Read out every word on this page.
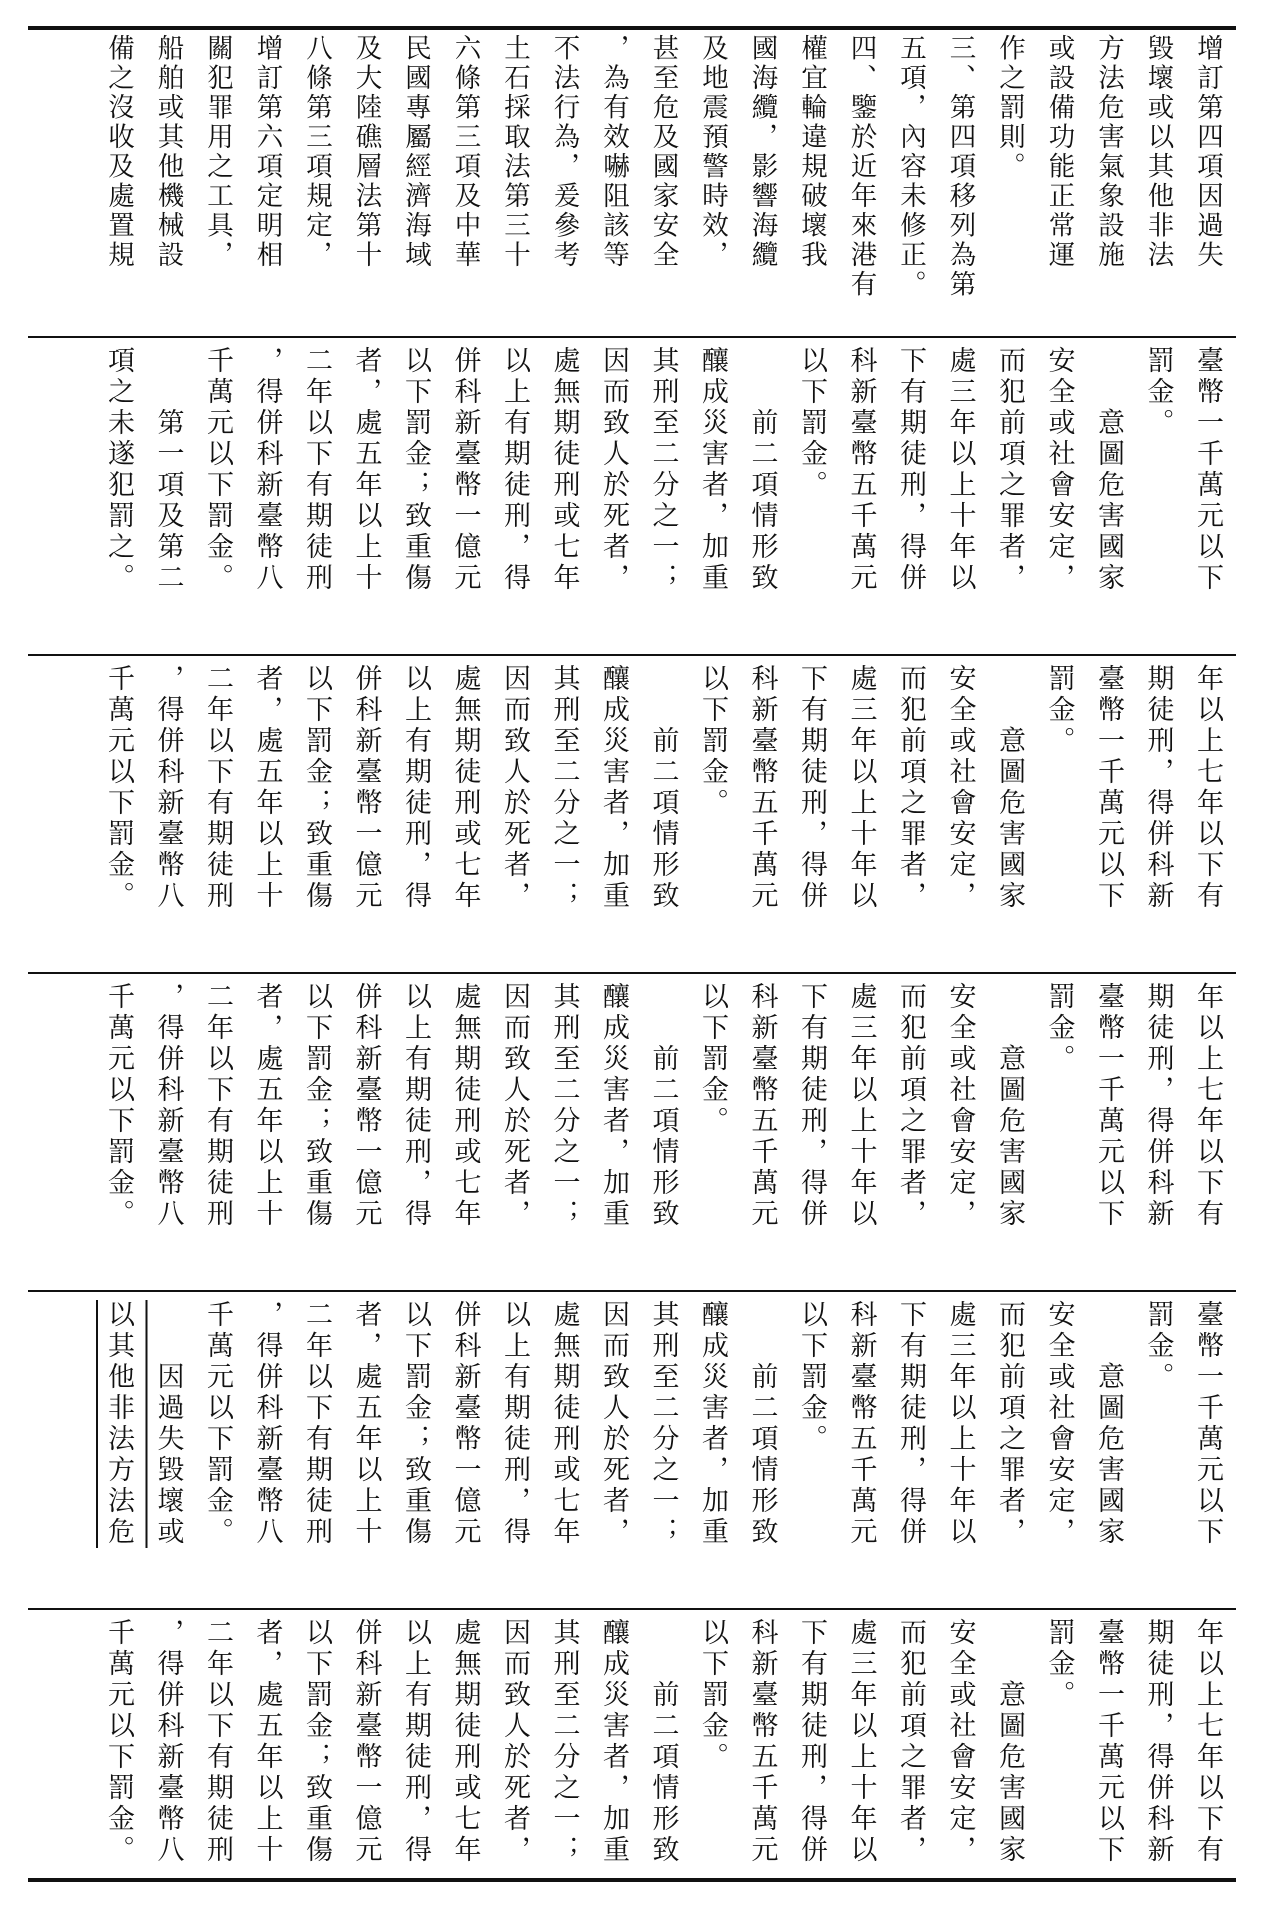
增訂第四項因過失
毀壞或以其他非法
方法危害氣象設施
或設備功能正常運
作之罰則。
三、第四項移列為第
五項，內容未修正。
四、鑒於近年來港有
權宜輪違規破壞我
國海纜，影響海纜
及地震預警時效，
甚至危及國家安全
，為有效嚇阻該等
不法行為，爰參考
土石採取法第三十
六條第三項及中華
民國專屬經濟海域
及大陸礁層法第十
八條第三項規定，
增訂第六項定明相
關犯罪用之工具，
船舶或其他機械設
備之沒收及處置規
臺幣一千萬元以下
罰金。
　　意圖危害國家
安全或社會安定，
而犯前項之罪者，
處三年以上十年以
下有期徒刑，得併
科新臺幣五千萬元
以下罰金。
　　前二項情形致
釀成災害者，加重
其刑至二分之一；
因而致人於死者，
處無期徒刑或七年
以上有期徒刑，得
併科新臺幣一億元
以下罰金；致重傷
者，處五年以上十
二年以下有期徒刑
，得併科新臺幣八
千萬元以下罰金。
　　第一項及第二
項之未遂犯罰之。
年以上七年以下有
期徒刑，得併科新
臺幣一千萬元以下
罰金。
　　意圖危害國家
安全或社會安定，
而犯前項之罪者，
處三年以上十年以
下有期徒刑，得併
科新臺幣五千萬元
以下罰金。
　　前二項情形致
釀成災害者，加重
其刑至二分之一；
因而致人於死者，
處無期徒刑或七年
以上有期徒刑，得
併科新臺幣一億元
以下罰金；致重傷
者，處五年以上十
二年以下有期徒刑
，得併科新臺幣八
千萬元以下罰金。
年以上七年以下有
期徒刑，得併科新
臺幣一千萬元以下
罰金。
　　意圖危害國家
安全或社會安定，
而犯前項之罪者，
處三年以上十年以
下有期徒刑，得併
科新臺幣五千萬元
以下罰金。
　　前二項情形致
釀成災害者，加重
其刑至二分之一；
因而致人於死者，
處無期徒刑或七年
以上有期徒刑，得
併科新臺幣一億元
以下罰金；致重傷
者，處五年以上十
二年以下有期徒刑
，得併科新臺幣八
千萬元以下罰金。
臺幣一千萬元以下
罰金。
　　意圖危害國家
安全或社會安定，
而犯前項之罪者，
處三年以上十年以
下有期徒刑，得併
科新臺幣五千萬元
以下罰金。
　　前二項情形致
釀成災害者，加重
其刑至二分之一；
因而致人於死者，
處無期徒刑或七年
以上有期徒刑，得
併科新臺幣一億元
以下罰金；致重傷
者，處五年以上十
二年以下有期徒刑
，得併科新臺幣八
千萬元以下罰金。
　　因過失毀壞或
以其他非法方法危
年以上七年以下有
期徒刑，得併科新
臺幣一千萬元以下
罰金。
　　意圖危害國家
安全或社會安定，
而犯前項之罪者，
處三年以上十年以
下有期徒刑，得併
科新臺幣五千萬元
以下罰金。
　　前二項情形致
釀成災害者，加重
其刑至二分之一；
因而致人於死者，
處無期徒刑或七年
以上有期徒刑，得
併科新臺幣一億元
以下罰金；致重傷
者，處五年以上十
二年以下有期徒刑
，得併科新臺幣八
千萬元以下罰金。
